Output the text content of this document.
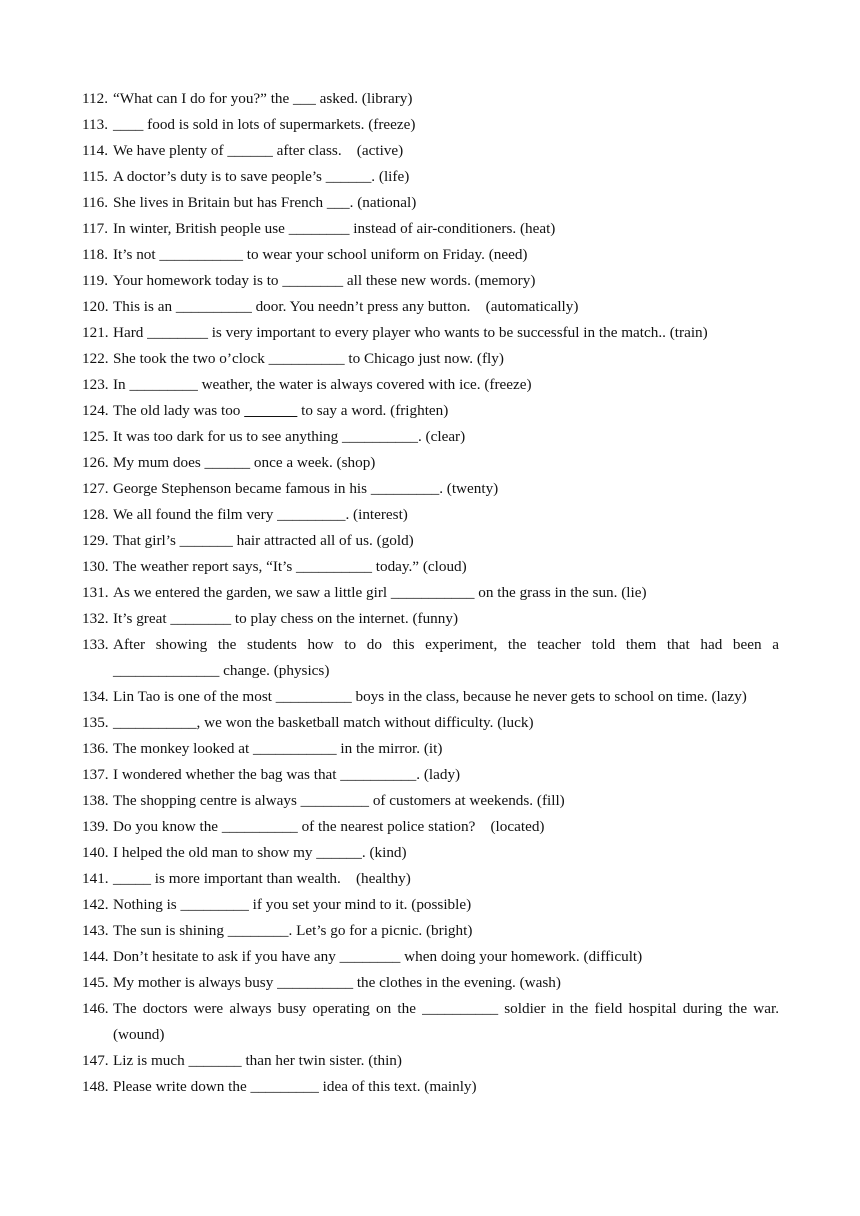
112. “What can I do for you?” the ___ asked. (library)
113. ____ food is sold in lots of supermarkets. (freeze)
114. We have plenty of ______ after class.    (active)
115. A doctor’s duty is to save people’s ______. (life)
116. She lives in Britain but has French ___. (national)
117. In winter, British people use ________ instead of air-conditioners. (heat)
118. It’s not ___________ to wear your school uniform on Friday. (need)
119. Your homework today is to ________ all these new words. (memory)
120. This is an __________ door. You needn’t press any button.    (automatically)
121. Hard ________ is very important to every player who wants to be successful in the match.. (train)
122. She took the two o’clock __________ to Chicago just now. (fly)
123. In _________ weather, the water is always covered with ice. (freeze)
124. The old lady was too	to say a word. (frighten)
125. It was too dark for us to see anything __________. (clear)
126. My mum does ______ once a week. (shop)
127. George Stephenson became famous in his _________. (twenty)
128. We all found the film very _________. (interest)
129. That girl’s _______ hair attracted all of us. (gold)
130. The weather report says, “It’s __________ today.” (cloud)
131. As we entered the garden, we saw a little girl ___________ on the grass in the sun. (lie)
132. It’s great ________ to play chess on the internet. (funny)
133. After showing the students how to do this experiment, the teacher told them that had been a ______________ change. (physics)
134. Lin Tao is one of the most __________ boys in the class, because he never gets to school on time. (lazy)
135. ___________, we won the basketball match without difficulty. (luck)
136. The monkey looked at ___________ in the mirror. (it)
137. I wondered whether the bag was that __________. (lady)
138. The shopping centre is always _________ of customers at weekends. (fill)
139. Do you know the __________ of the nearest police station?    (located)
140. I helped the old man to show my ______. (kind)
141. _____ is more important than wealth.    (healthy)
142. Nothing is _________ if you set your mind to it. (possible)
143. The sun is shining ________. Let’s go for a picnic. (bright)
144. Don’t hesitate to ask if you have any ________ when doing your homework. (difficult)
145. My mother is always busy __________ the clothes in the evening. (wash)
146. The doctors were always busy operating on the __________ soldier in the field hospital during the war. (wound)
147. Liz is much _______ than her twin sister. (thin)
148. Please write down the _________ idea of this text. (mainly)
